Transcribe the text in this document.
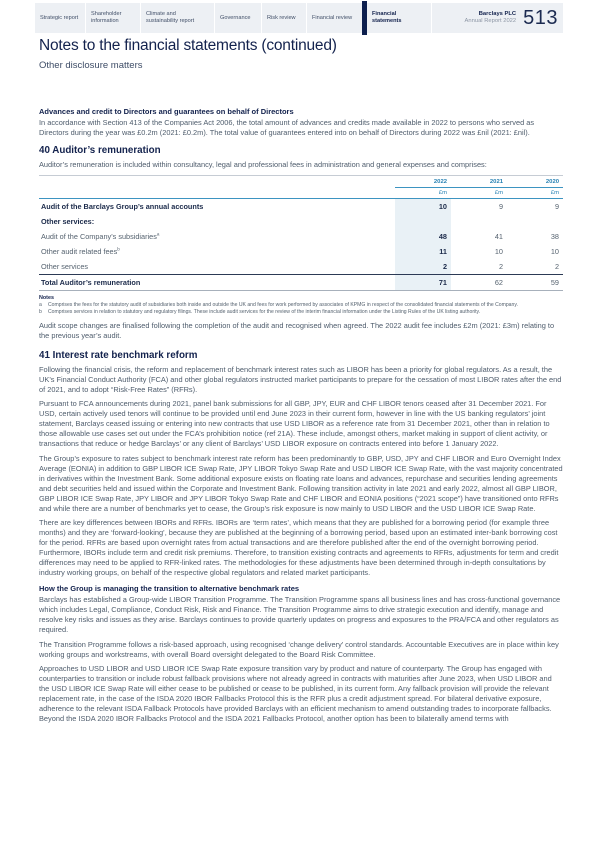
Strategic report
Shareholder information
Climate and sustainability report
Governance	Risk review	Financial review
Financial statements
Barclays PLC
Annual Report 2022 513
Notes to the financial statements (continued)
Other disclosure matters
Advances and credit to Directors and guarantees on behalf of Directors

In accordance with Section 413 of the Companies Act 2006, the total amount of advances and credits made available in 2022 to persons who served as Directors during the year was £0.2m (2021: £0.2m). The total value of guarantees entered into on behalf of Directors during 2022 was £nil (2021: £nil).

40 Auditor’s remuneration

Auditor’s remuneration is included within consultancy, legal and professional fees in administration and general expenses and comprises:

	2022	2021	2020
	£m	£m	£m
Audit of the Barclays Group’s annual accounts	10	9	9
Other services:			
Audit of the Company’s subsidiaries$^a$	48	41	38
Other audit related fees$^b$	11	10	10
Other services	2	2	2
Total Auditor’s remuneration	71	62	59
Notes
a	Comprises the fees for the statutory audit of subsidiaries both inside and outside the UK and fees for work performed by associates of KPMG in respect of the consolidated financial statements of the Company.
b	Comprises services in relation to statutory and regulatory filings. These include audit services for the review of the interim financial information under the Listing Rules of the UK listing authority.

Audit scope changes are finalised following the completion of the audit and recognised when agreed. The 2022 audit fee includes £2m (2021: £3m) relating to the previous year’s audit.

41 Interest rate benchmark reform

Following the financial crisis, the reform and replacement of benchmark interest rates such as LIBOR has been a priority for global regulators. As a result, the UK’s Financial Conduct Authority (FCA) and other global regulators instructed market participants to prepare for the cessation of most LIBOR rates after the end of 2021, and to adopt “Risk-Free Rates” (RFRs).

Pursuant to FCA announcements during 2021, panel bank submissions for all GBP, JPY, EUR and CHF LIBOR tenors ceased after 31 December 2021. For USD, certain actively used tenors will continue to be provided until end June 2023 in their current form, however in line with the US banking regulators’ joint statement, Barclays ceased issuing or entering into new contracts that use USD LIBOR as a reference rate from 31 December 2021, other than in relation to those allowable use cases set out under the FCA’s prohibition notice (ref 21A). These include, amongst others, market making in support of client activity, or transactions that reduce or hedge Barclays’ or any client of Barclays’ USD LIBOR exposure on contracts entered into before 1 January 2022.

The Group’s exposure to rates subject to benchmark interest rate reform has been predominantly to GBP, USD, JPY and CHF LIBOR and Euro Overnight Index Average (EONIA) in addition to GBP LIBOR ICE Swap Rate, JPY LIBOR Tokyo Swap Rate and USD LIBOR ICE Swap Rate, with the vast majority concentrated in derivatives within the Investment Bank. Some additional exposure exists on floating rate loans and advances, repurchase and securities lending agreements and debt securities held and issued within the Corporate and Investment Bank. Following transition activity in late 2021 and early 2022, almost all GBP LIBOR, GBP LIBOR ICE Swap Rate, JPY LIBOR and JPY LIBOR Tokyo Swap Rate and CHF LIBOR and EONIA positions (“2021 scope”) have transitioned onto RFRs and while there are a number of benchmarks yet to cease, the Group’s risk exposure is now mainly to USD LIBOR and the USD LIBOR ICE Swap Rate.

There are key differences between IBORs and RFRs. IBORs are ‘term rates’, which means that they are published for a borrowing period (for example three months) and they are ‘forward-looking’, because they are published at the beginning of a borrowing period, based upon an estimated inter-bank borrowing cost for the period. RFRs are based upon overnight rates from actual transactions and are therefore published after the end of the overnight borrowing period. Furthermore, IBORs include term and credit risk premiums. Therefore, to transition existing contracts and agreements to RFRs, adjustments for term and credit differences may need to be applied to RFR-linked rates. The methodologies for these adjustments have been determined through in-depth consultations by industry working groups, on behalf of the respective global regulators and related market participants.

How the Group is managing the transition to alternative benchmark rates

Barclays has established a Group-wide LIBOR Transition Programme. The Transition Programme spans all business lines and has cross-functional governance which includes Legal, Compliance, Conduct Risk, Risk and Finance. The Transition Programme aims to drive strategic execution and identify, manage and resolve key risks and issues as they arise. Barclays continues to provide quarterly updates on progress and exposures to the PRA/FCA and other regulators as required.

The Transition Programme follows a risk-based approach, using recognised ‘change delivery’ control standards. Accountable Executives are in place within key working groups and workstreams, with overall Board oversight delegated to the Board Risk Committee.

Approaches to USD LIBOR and USD LIBOR ICE Swap Rate exposure transition vary by product and nature of counterparty. The Group has engaged with counterparties to transition or include robust fallback provisions where not already agreed in contracts with maturities after June 2023, when USD LIBOR and the USD LIBOR ICE Swap Rate will either cease to be published or cease to be published, in its current form. Any fallback provision will provide the relevant replacement rate, in the case of the ISDA 2020 IBOR Fallbacks Protocol this is the RFR plus a credit adjustment spread. For bilateral derivative exposure, adherence to the relevant ISDA Fallback Protocols have provided Barclays with an efficient mechanism to amend outstanding trades to incorporate fallbacks. Beyond the ISDA 2020 IBOR Fallbacks Protocol and the ISDA 2021 Fallbacks Protocol, another option has been to bilaterally amend terms with
